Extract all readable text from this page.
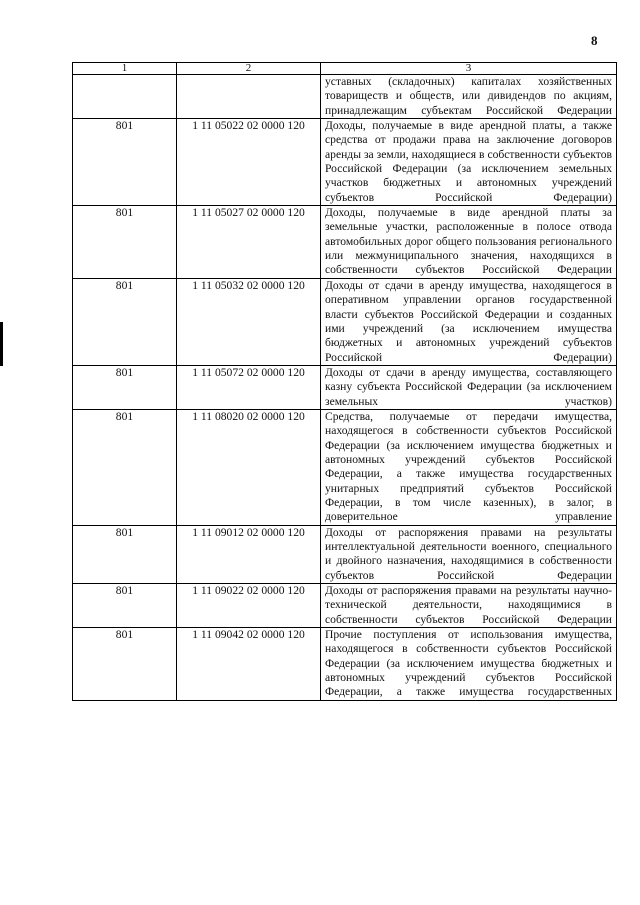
8
1	2	3
		уставных (складочных) капиталах хозяйственных товариществ и обществ, или дивидендов по акциям, принадлежащим субъектам Российской Федерации
801	1 11 05022 02 0000 120	Доходы, получаемые в виде арендной платы, а также средства от продажи права на заключение договоров аренды за земли, находящиеся в собственности субъектов Российской Федерации (за исключением земельных участков бюджетных и автономных учреждений субъектов Российской Федерации)
801	1 11 05027 02 0000 120	Доходы, получаемые в виде арендной платы за земельные участки, расположенные в полосе отвода автомобильных дорог общего пользования регионального или межмуниципального значения, находящихся в собственности субъектов Российской Федерации
801	1 11 05032 02 0000 120	Доходы от сдачи в аренду имущества, находящегося в оперативном управлении органов государственной власти субъектов Российской Федерации и созданных ими учреждений (за исключением имущества бюджетных и автономных учреждений субъектов Российской Федерации)
801	1 11 05072 02 0000 120	Доходы от сдачи в аренду имущества, составляющего казну субъекта Российской Федерации (за исключением земельных участков)
801	1 11 08020 02 0000 120	Средства, получаемые от передачи имущества, находящегося в собственности субъектов Российской Федерации (за исключением имущества бюджетных и автономных учреждений субъектов Российской Федерации, а также имущества государственных унитарных предприятий субъектов Российской Федерации, в том числе казенных), в залог, в доверительное управление
801	1 11 09012 02 0000 120	Доходы от распоряжения правами на результаты интеллектуальной деятельности военного, специального и двойного назначения, находящимися в собственности субъектов Российской Федерации
801	1 11 09022 02 0000 120	Доходы от распоряжения правами на результаты научно-технической деятельности, находящимися в собственности субъектов Российской Федерации
801	1 11 09042 02 0000 120	Прочие поступления от использования имущества, находящегося в собственности субъектов Российской Федерации (за исключением имущества бюджетных и автономных учреждений субъектов Российской Федерации, а также имущества государственных
